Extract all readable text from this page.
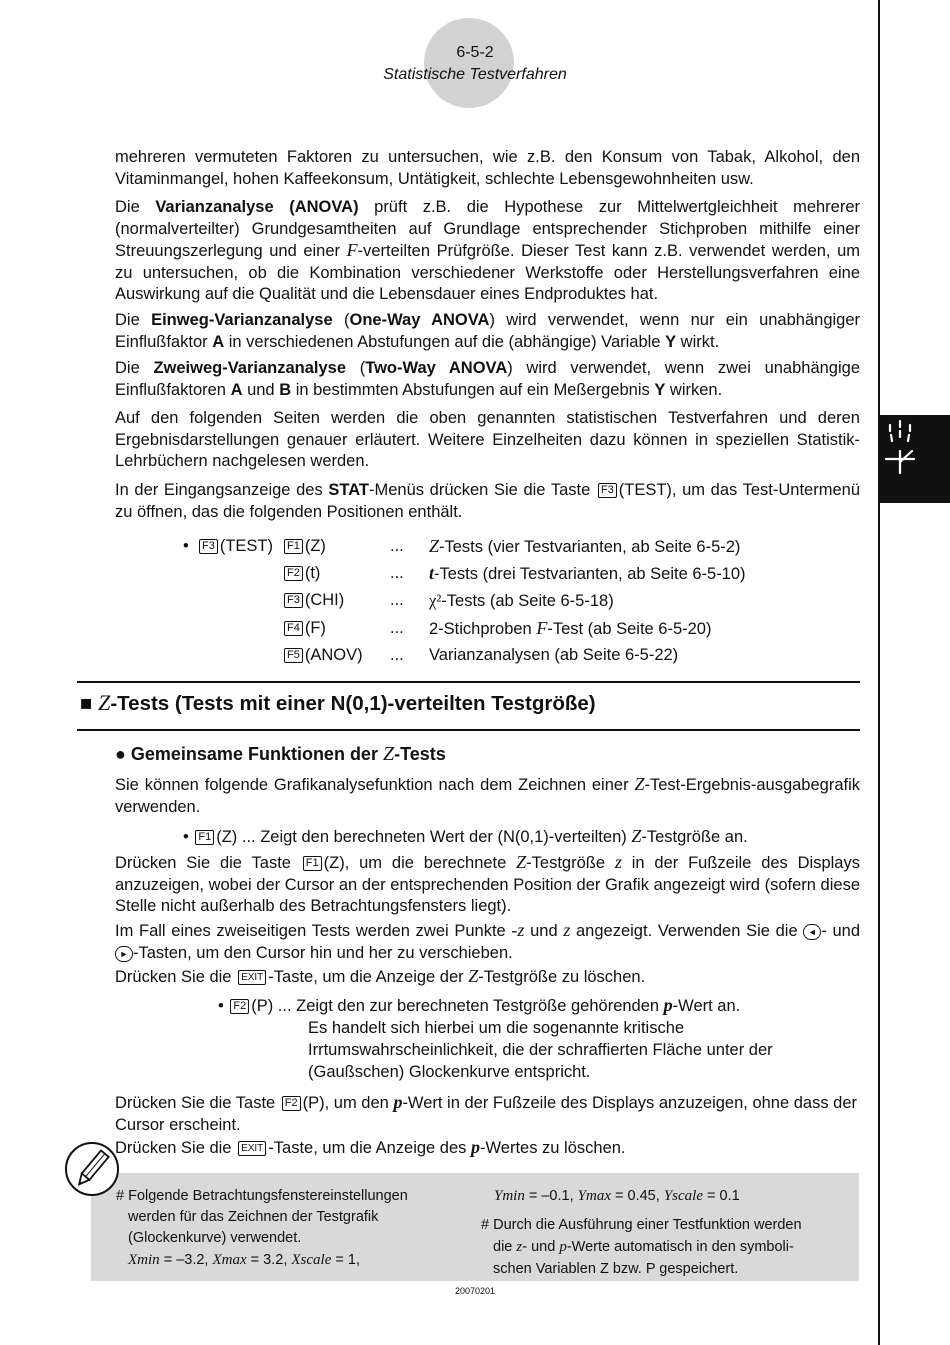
6-5-2
Statistische Testverfahren
mehreren vermuteten Faktoren zu untersuchen, wie z.B. den Konsum von Tabak, Alkohol, den Vitaminmangel, hohen Kaffeekonsum, Untätigkeit, schlechte Lebensgewohnheiten usw.
Die Varianzanalyse (ANOVA) prüft z.B. die Hypothese zur Mittelwertgleichheit mehrerer (normalverteilter) Grundgesamtheiten auf Grundlage entsprechender Stichproben mithilfe einer Streuungszerlegung und einer F-verteilten Prüfgröße. Dieser Test kann z.B. verwendet werden, um zu untersuchen, ob die Kombination verschiedener Werkstoffe oder Herstellungsverfahren eine Auswirkung auf die Qualität und die Lebensdauer eines Endproduktes hat.
Die Einweg-Varianzanalyse (One-Way ANOVA) wird verwendet, wenn nur ein unabhängiger Einflußfaktor A in verschiedenen Abstufungen auf die (abhängige) Variable Y wirkt.
Die Zweiweg-Varianzanalyse (Two-Way ANOVA) wird verwendet, wenn zwei unabhängige Einflußfaktoren A und B in bestimmten Abstufungen auf ein Meßergebnis Y wirken.
Auf den folgenden Seiten werden die oben genannten statistischen Testverfahren und deren Ergebnisdarstellungen genauer erläutert. Weitere Einzelheiten dazu können in speziellen Statistik-Lehrbüchern nachgelesen werden.
In der Eingangsanzeige des STAT-Menüs drücken Sie die Taste F3 (TEST), um das Test-Untermenü zu öffnen, das die folgenden Positionen enthält.
•	F3 (TEST)	F1 (Z)	... Z-Tests (vier Testvarianten, ab Seite 6-5-2)
F2 (t)	... t-Tests (drei Testvarianten, ab Seite 6-5-10)
F3 (CHI)	... χ²-Tests (ab Seite 6-5-18)
F4 (F)	... 2-Stichproben F-Test (ab Seite 6-5-20)
F5 (ANOV) ... Varianzanalysen (ab Seite 6-5-22)
■ Z-Tests (Tests mit einer N(0,1)-verteilten Testgröße)
● Gemeinsame Funktionen der Z-Tests
Sie können folgende Grafikanalysefunktion nach dem Zeichnen einer Z-Test-Ergebnis-ausgabegrafik verwenden.
• F1 (Z) ... Zeigt den berechneten Wert der (N(0,1)-verteilten) Z-Testgröße an.
Drücken Sie die Taste F1 (Z), um die berechnete Z-Testgröße z in der Fußzeile des Displays anzuzeigen, wobei der Cursor an der entsprechenden Position der Grafik angezeigt wird (sofern diese Stelle nicht außerhalb des Betrachtungsfensters liegt).
Im Fall eines zweiseitigen Tests werden zwei Punkte -z und z angezeigt. Verwenden Sie die ◄ - und ► -Tasten, um den Cursor hin und her zu verschieben.
Drücken Sie die EXIT -Taste, um die Anzeige der Z-Testgröße zu löschen.
• F2 (P) ... Zeigt den zur berechneten Testgröße gehörenden p-Wert an.
Es handelt sich hierbei um die sogenannte kritische
Irrtumswahrscheinlichkeit, die der schraffierten Fläche unter der
(Gaußschen) Glockenkurve entspricht.
Drücken Sie die Taste F2 (P), um den p-Wert in der Fußzeile des Displays anzuzeigen, ohne dass der Cursor erscheint.
Drücken Sie die EXIT -Taste, um die Anzeige des p-Wertes zu löschen.
# Folgende Betrachtungsfenstereinstellungen
werden für das Zeichnen der Testgrafik
(Glockenkurve) verwendet.
Xmin = –3.2, Xmax = 3.2, Xscale = 1,
Ymin = –0.1, Ymax = 0.45, Yscale = 0.1
# Durch die Ausführung einer Testfunktion werden
die z- und p-Werte automatisch in den symboli-
schen Variablen Z bzw. P gespeichert.
20070201
